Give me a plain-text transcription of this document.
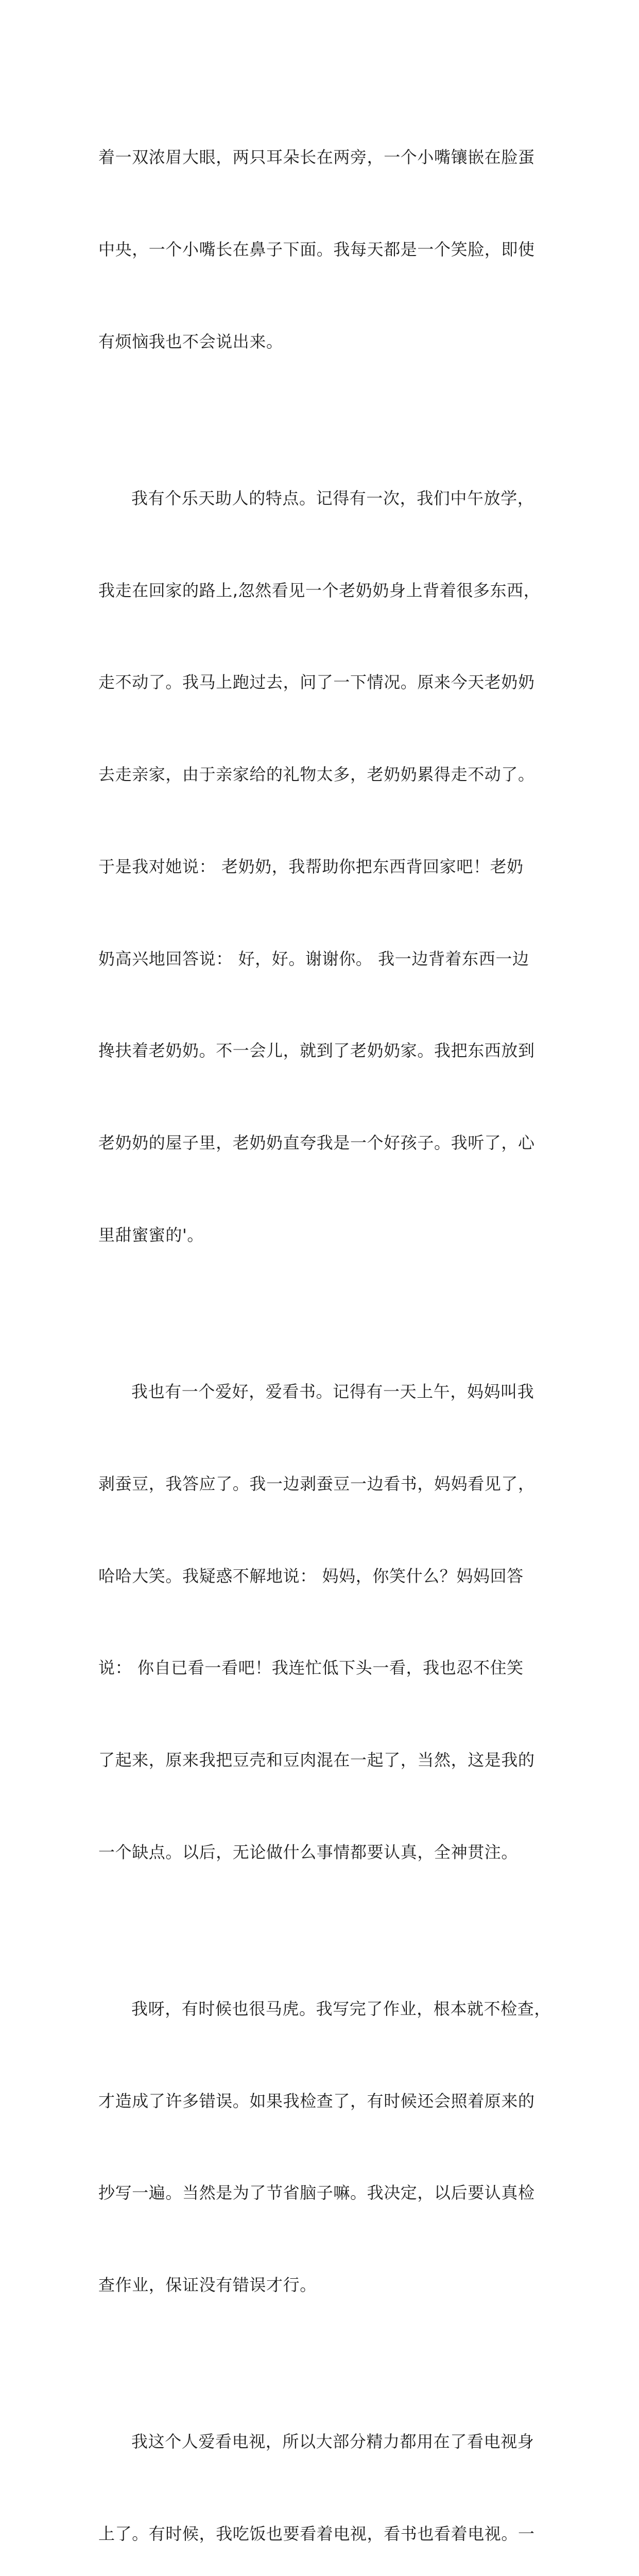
着一双浓眉大眼，两只耳朵长在两旁，一个小嘴镶嵌在脸蛋

中央，一个小嘴长在鼻子下面。我每天都是一个笑脸，即使

有烦恼我也不会说出来。

我有个乐天助人的特点。记得有一次，我们中午放学，

我走在回家的路上,忽然看见一个老奶奶身上背着很多东西，

走不动了。我马上跑过去，问了一下情况。原来今天老奶奶

去走亲家，由于亲家给的礼物太多，老奶奶累得走不动了。

于是我对她说： 老奶奶，我帮助你把东西背回家吧！老奶

奶高兴地回答说： 好，好。谢谢你。 我一边背着东西一边

搀扶着老奶奶。不一会儿，就到了老奶奶家。我把东西放到

老奶奶的屋子里，老奶奶直夸我是一个好孩子。我听了，心

里甜蜜蜜的'。

我也有一个爱好，爱看书。记得有一天上午，妈妈叫我

剥蚕豆，我答应了。我一边剥蚕豆一边看书，妈妈看见了，

哈哈大笑。我疑惑不解地说： 妈妈，你笑什么？妈妈回答

说： 你自已看一看吧！我连忙低下头一看，我也忍不住笑

了起来，原来我把豆壳和豆肉混在一起了，当然，这是我的

一个缺点。以后，无论做什么事情都要认真，全神贯注。

我呀，有时候也很马虎。我写完了作业，根本就不检查，

才造成了许多错误。如果我检查了，有时候还会照着原来的

抄写一遍。当然是为了节省脑子嘛。我决定，以后要认真检

查作业，保证没有错误才行。

我这个人爱看电视，所以大部分精力都用在了看电视身

上了。有时候，我吃饭也要看着电视，看书也看着电视。一
